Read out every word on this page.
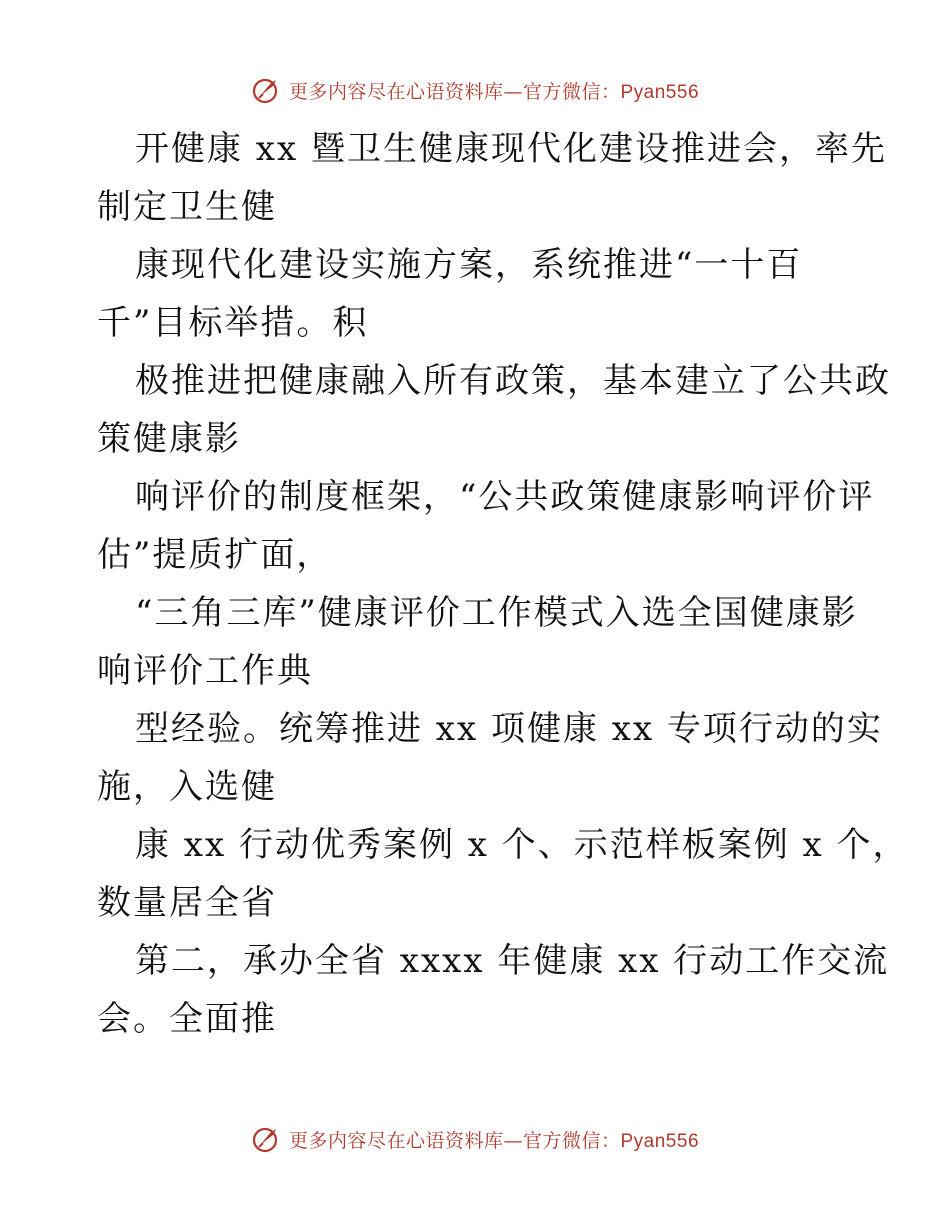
更多内容尽在心语资料库—官方微信：Pyan556
开健康 xx 暨卫生健康现代化建设推进会，率先
制定卫生健
康现代化建设实施方案，系统推进“一十百
千”目标举措。积
极推进把健康融入所有政策，基本建立了公共政
策健康影
响评价的制度框架，“公共政策健康影响评价评
估”提质扩面，
“三角三库”健康评价工作模式入选全国健康影
响评价工作典
型经验。统筹推进 xx 项健康 xx 专项行动的实
施，入选健
康 xx 行动优秀案例 x 个、示范样板案例 x 个，
数量居全省
第二，承办全省 xxxx 年健康 xx 行动工作交流
会。全面推
更多内容尽在心语资料库—官方微信：Pyan556
